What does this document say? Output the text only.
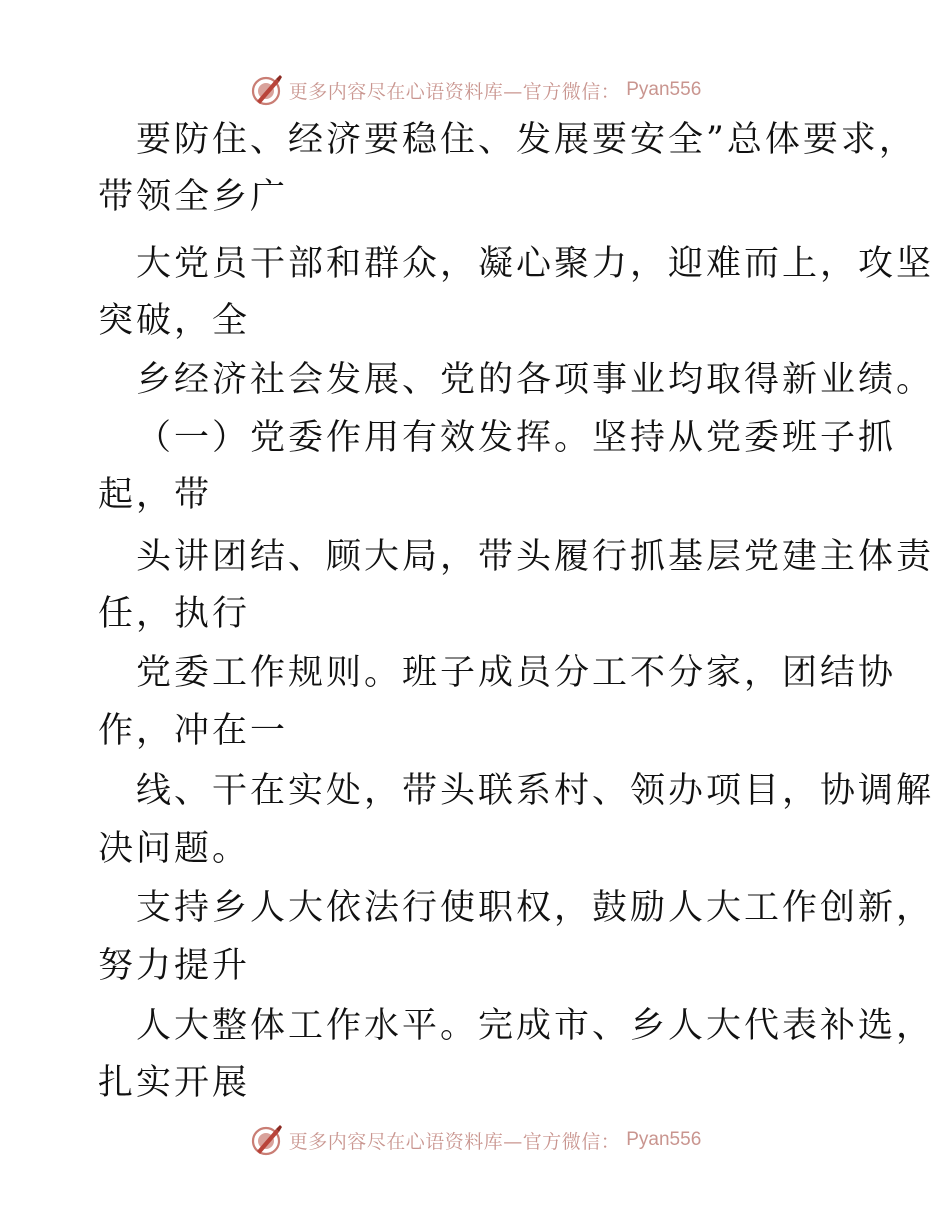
更多内容尽在心语资料库—官方微信： Pyan556
要防住、经济要稳住、发展要安全”总体要求，
带领全乡广
大党员干部和群众，凝心聚力，迎难而上，攻坚
突破，全
乡经济社会发展、党的各项事业均取得新业绩。
（一）党委作用有效发挥。坚持从党委班子抓
起，带
头讲团结、顾大局，带头履行抓基层党建主体责
任，执行
党委工作规则。班子成员分工不分家，团结协
作，冲在一
线、干在实处，带头联系村、领办项目，协调解
决问题。
支持乡人大依法行使职权，鼓励人大工作创新，
努力提升
人大整体工作水平。完成市、乡人大代表补选，
扎实开展
更多内容尽在心语资料库—官方微信： Pyan556
